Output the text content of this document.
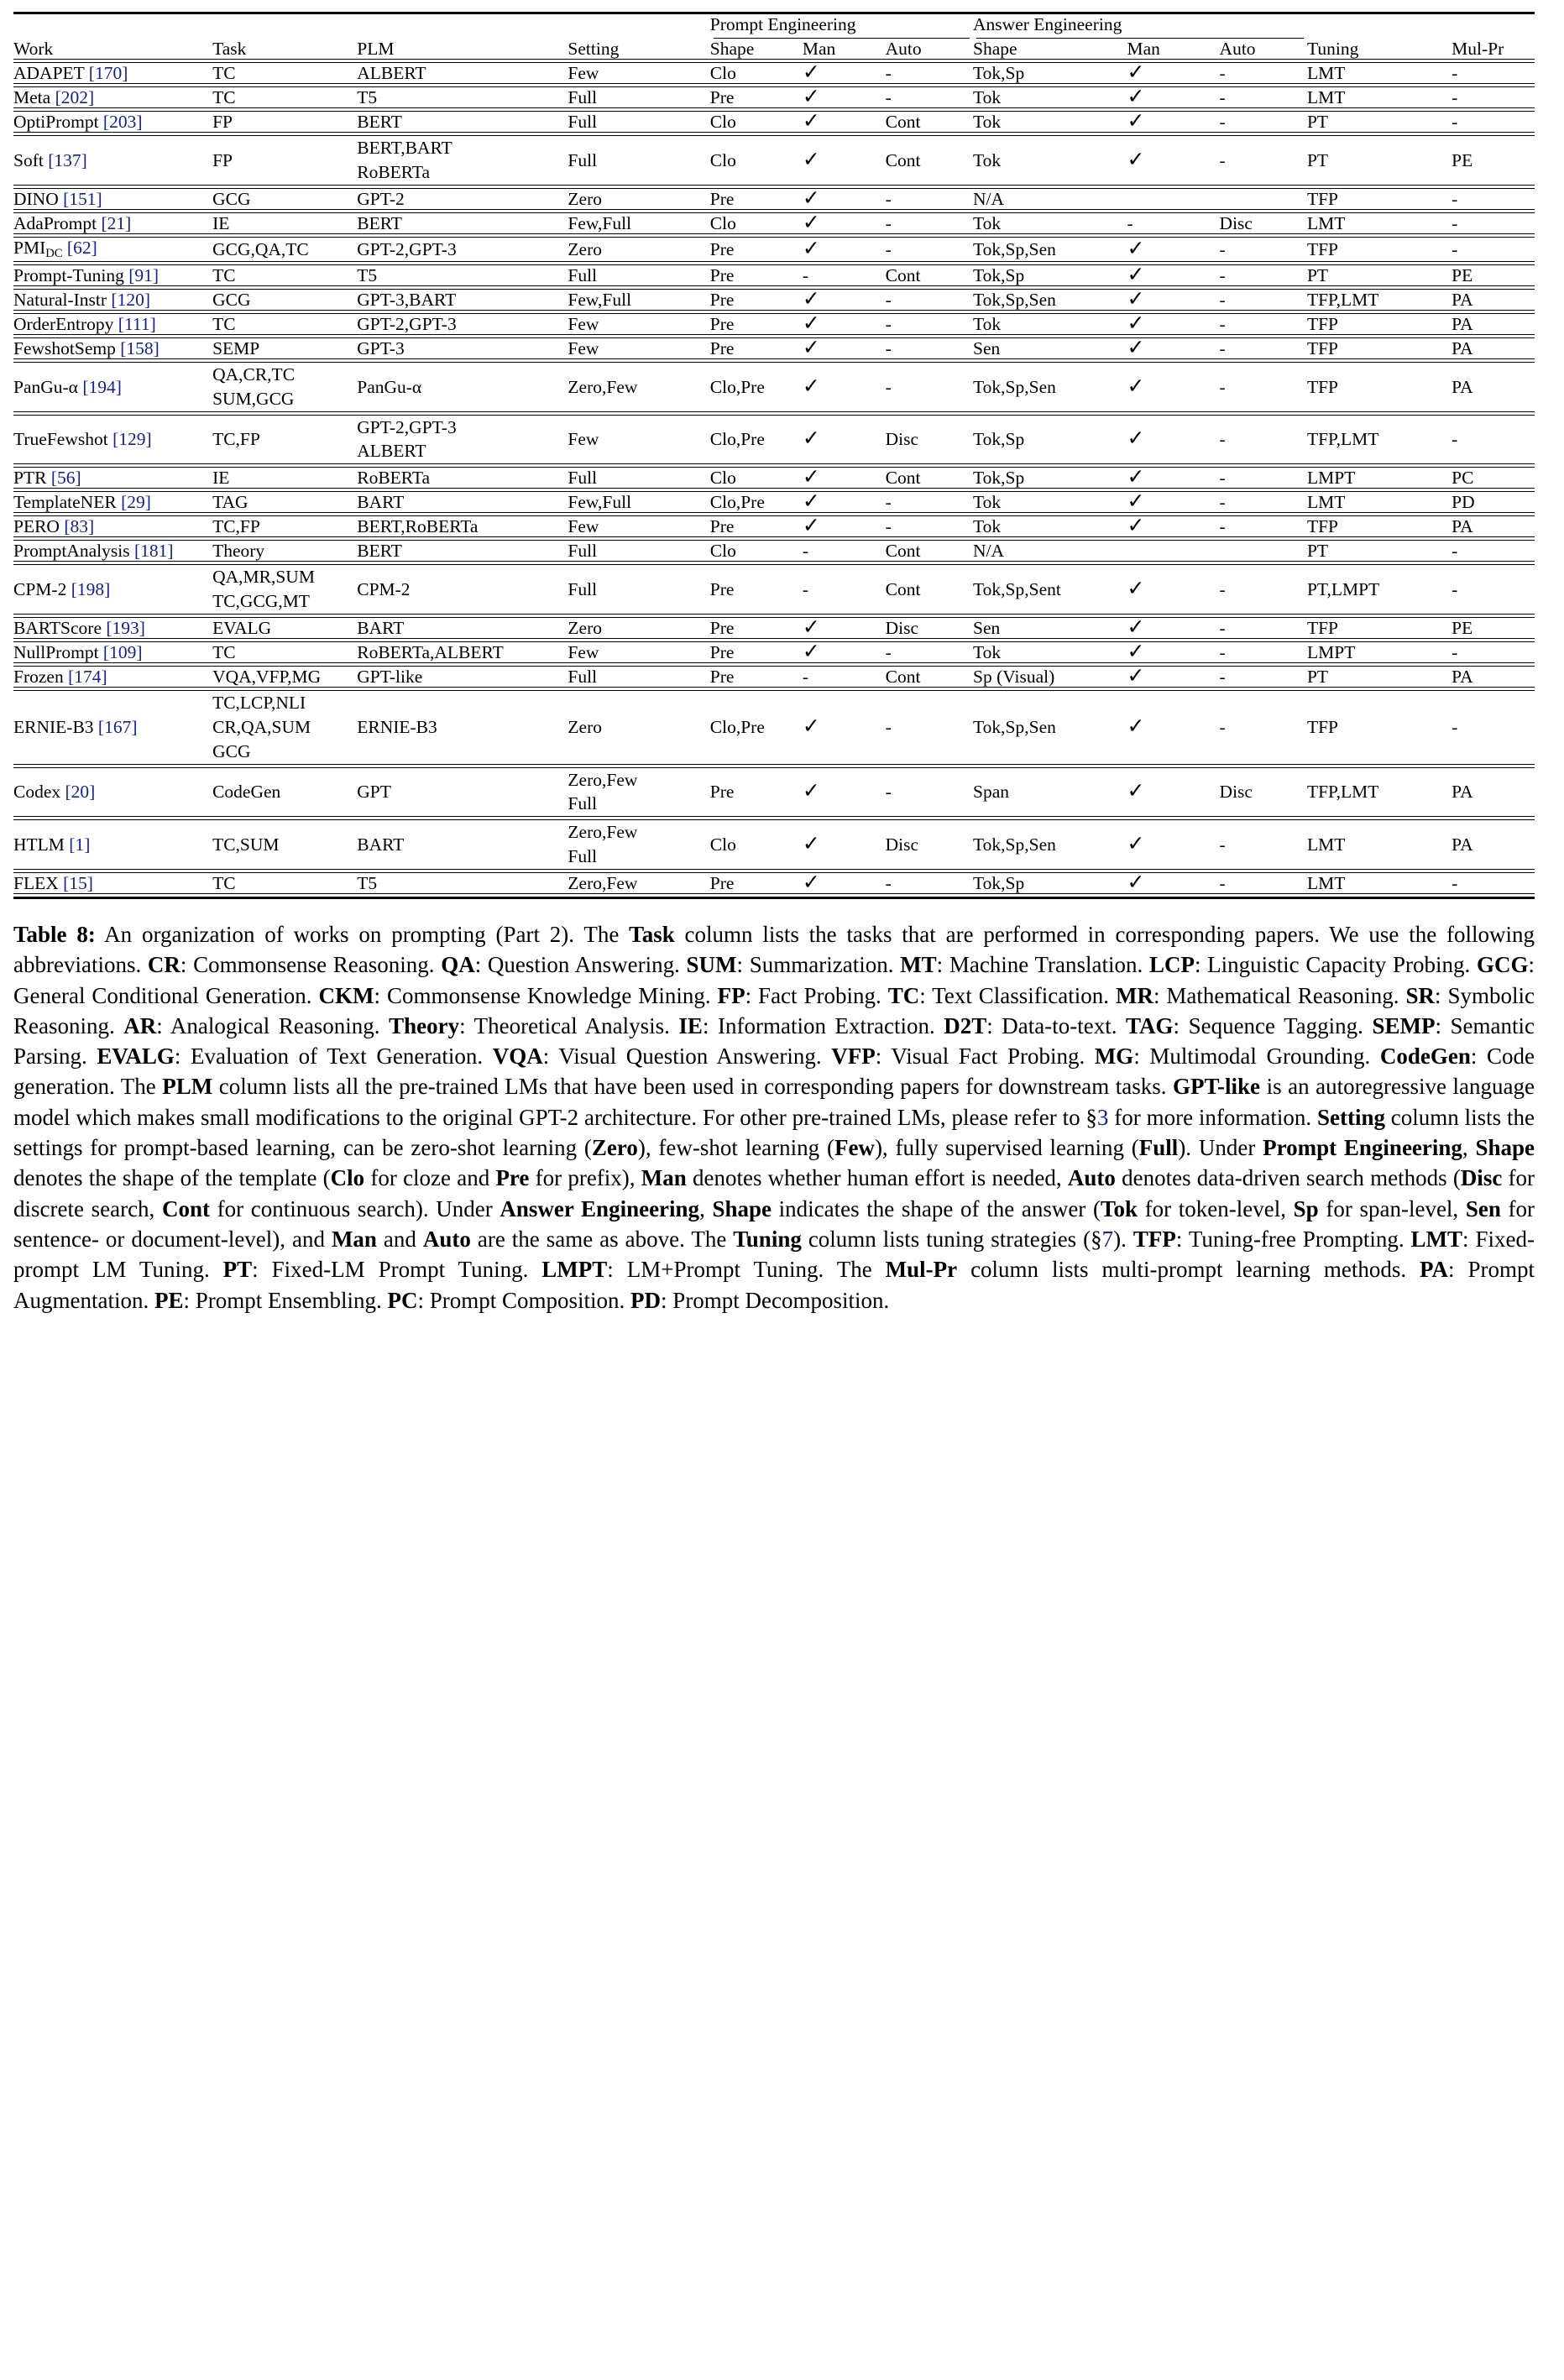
				Prompt Engineering			Answer Engineering				

Work	Task	PLM	Setting	Shape	Man	Auto	Shape	Man	Auto	Tuning	Mul-Pr

ADAPET [170]	TC	ALBERT	Few	Clo	✓	-	Tok,Sp	✓	-	LMT	-

Meta [202]	TC	T5	Full	Pre	✓	-	Tok	✓	-	LMT	-

OptiPrompt [203]	FP	BERT	Full	Clo	✓	Cont	Tok	✓	-	PT	-

Soft [137]	FP	BERT,BART
RoBERTa	Full	Clo	✓	Cont	Tok	✓	-	PT	PE

DINO [151]	GCG	GPT-2	Zero	Pre	✓	-	N/A			TFP	-

AdaPrompt [21]	IE	BERT	Few,Full	Clo	✓	-	Tok	-	Disc	LMT	-

$PMI_{DC}$ [62]	GCG,QA,TC	GPT-2,GPT-3	Zero	Pre	✓	-	Tok,Sp,Sen	✓	-	TFP	-

Prompt-Tuning [91]	TC	T5	Full	Pre	-	Cont	Tok,Sp	✓	-	PT	PE

Natural-Instr [120]	GCG	GPT-3,BART	Few,Full	Pre	✓	-	Tok,Sp,Sen	✓	-	TFP,LMT	PA

OrderEntropy [111]	TC	GPT-2,GPT-3	Few	Pre	✓	-	Tok	✓	-	TFP	PA

FewshotSemp [158]	SEMP	GPT-3	Few	Pre	✓	-	Sen	✓	-	TFP	PA

PanGu-α [194]	QA,CR,TC
SUM,GCG	PanGu-α	Zero,Few	Clo,Pre	✓	-	Tok,Sp,Sen	✓	-	TFP	PA

TrueFewshot [129]	TC,FP	GPT-2,GPT-3
ALBERT	Few	Clo,Pre	✓	Disc	Tok,Sp	✓	-	TFP,LMT	-

PTR [56]	IE	RoBERTa	Full	Clo	✓	Cont	Tok,Sp	✓	-	LMPT	PC

TemplateNER [29]	TAG	BART	Few,Full	Clo,Pre	✓	-	Tok	✓	-	LMT	PD

PERO [83]	TC,FP	BERT,RoBERTa	Few	Pre	✓	-	Tok	✓	-	TFP	PA

PromptAnalysis [181]	Theory	BERT	Full	Clo	-	Cont	N/A			PT	-

CPM-2 [198]	QA,MR,SUM
TC,GCG,MT	CPM-2	Full	Pre	-	Cont	Tok,Sp,Sent	✓	-	PT,LMPT	-

BARTScore [193]	EVALG	BART	Zero	Pre	✓	Disc	Sen	✓	-	TFP	PE

NullPrompt [109]	TC	RoBERTa,ALBERT	Few	Pre	✓	-	Tok	✓	-	LMPT	-

Frozen [174]	VQA,VFP,MG	GPT-like	Full	Pre	-	Cont	Sp (Visual)	✓	-	PT	PA

ERNIE-B3 [167]	TC,LCP,NLI
CR,QA,SUM
GCG	ERNIE-B3	Zero	Clo,Pre	✓	-	Tok,Sp,Sen	✓	-	TFP	-

Codex [20]	CodeGen	GPT	Zero,Few
Full	Pre	✓	-	Span	✓	Disc	TFP,LMT	PA

HTLM [1]	TC,SUM	BART	Zero,Few
Full	Clo	✓	Disc	Tok,Sp,Sen	✓	-	LMT	PA

FLEX [15]	TC	T5	Zero,Few	Pre	✓	-	Tok,Sp	✓	-	LMT	-

Table 8: An organization of works on prompting (Part 2). The Task column lists the tasks that are performed in corresponding papers. We use the following abbreviations. CR: Commonsense Reasoning. QA: Question Answering. SUM: Summarization. MT: Machine Translation. LCP: Linguistic Capacity Probing. GCG: General Conditional Generation. CKM: Commonsense Knowledge Mining. FP: Fact Probing. TC: Text Classification. MR: Mathematical Reasoning. SR: Symbolic Reasoning. AR: Analogical Reasoning. Theory: Theoretical Analysis. IE: Information Extraction. D2T: Data-to-text. TAG: Sequence Tagging. SEMP: Semantic Parsing. EVALG: Evaluation of Text Generation. VQA: Visual Question Answering. VFP: Visual Fact Probing. MG: Multimodal Grounding. CodeGen: Code generation. The PLM column lists all the pre-trained LMs that have been used in corresponding papers for downstream tasks. GPT-like is an autoregressive language model which makes small modifications to the original GPT-2 architecture. For other pre-trained LMs, please refer to §3 for more information. Setting column lists the settings for prompt-based learning, can be zero-shot learning (Zero), few-shot learning (Few), fully supervised learning (Full). Under Prompt Engineering, Shape denotes the shape of the template (Clo for cloze and Pre for prefix), Man denotes whether human effort is needed, Auto denotes data-driven search methods (Disc for discrete search, Cont for continuous search). Under Answer Engineering, Shape indicates the shape of the answer (Tok for token-level, Sp for span-level, Sen for sentence- or document-level), and Man and Auto are the same as above. The Tuning column lists tuning strategies (§7). TFP: Tuning-free Prompting. LMT: Fixed-prompt LM Tuning. PT: Fixed-LM Prompt Tuning. LMPT: LM+Prompt Tuning. The Mul-Pr column lists multi-prompt learning methods. PA: Prompt Augmentation. PE: Prompt Ensembling. PC: Prompt Composition. PD: Prompt Decomposition.
